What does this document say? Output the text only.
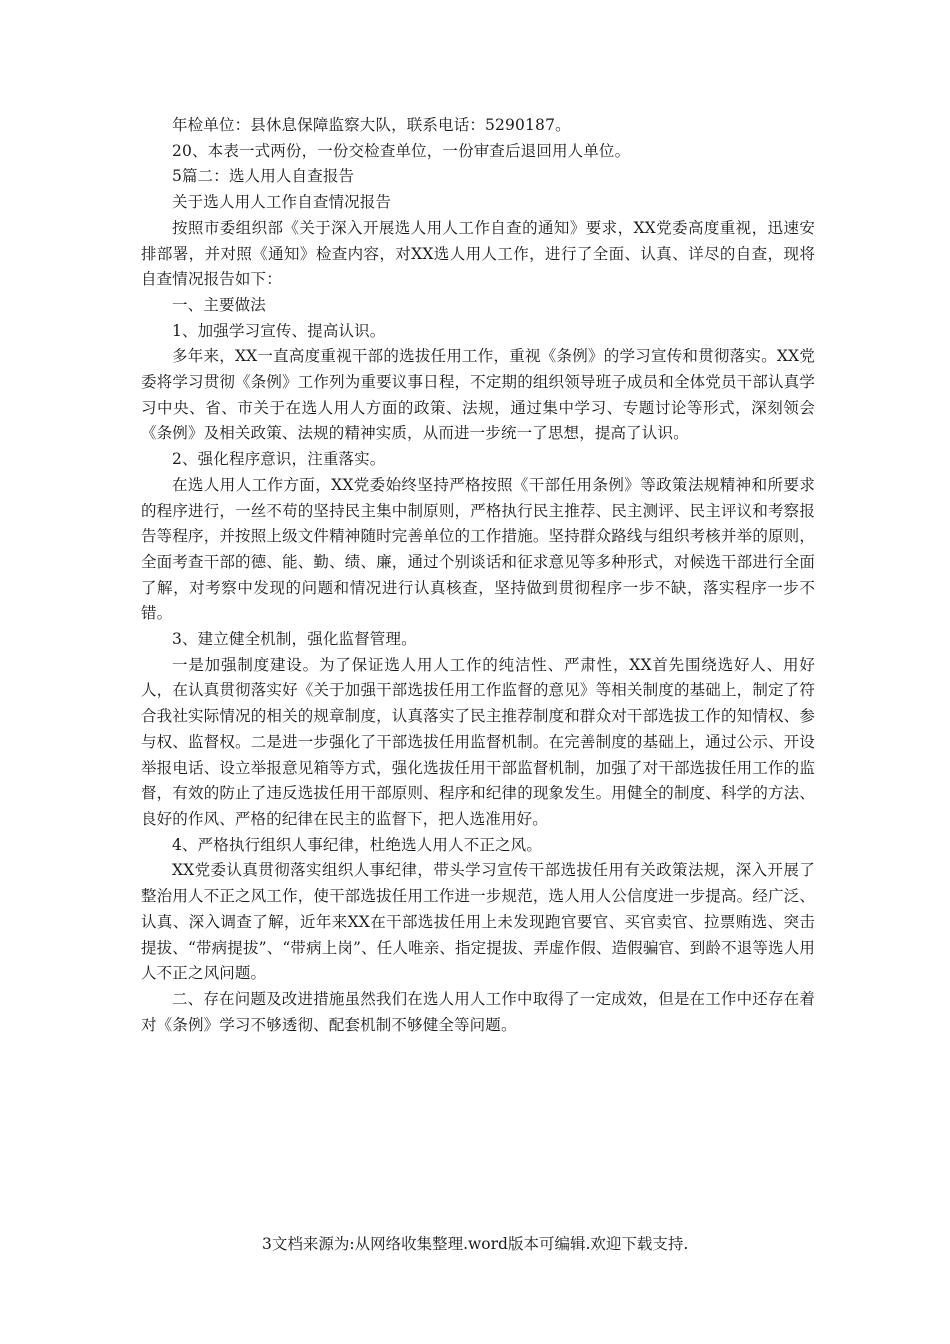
年检单位：县休息保障监察大队，联系电话：5290187。

20、本表一式两份，一份交检查单位，一份审查后退回用人单位。

5篇二：选人用人自查报告

关于选人用人工作自查情况报告

按照市委组织部《关于深入开展选人用人工作自查的通知》要求，XX党委高度重视，迅速安排部署，并对照《通知》检查内容，对XX选人用人工作，进行了全面、认真、详尽的自查，现将自查情况报告如下：

一、主要做法

1、加强学习宣传、提高认识。

多年来，XX一直高度重视干部的选拔任用工作，重视《条例》的学习宣传和贯彻落实。XX党委将学习贯彻《条例》工作列为重要议事日程，不定期的组织领导班子成员和全体党员干部认真学习中央、省、市关于在选人用人方面的政策、法规，通过集中学习、专题讨论等形式，深刻领会《条例》及相关政策、法规的精神实质，从而进一步统一了思想，提高了认识。

2、强化程序意识，注重落实。

在选人用人工作方面，XX党委始终坚持严格按照《干部任用条例》等政策法规精神和所要求的程序进行，一丝不苟的坚持民主集中制原则，严格执行民主推荐、民主测评、民主评议和考察报告等程序，并按照上级文件精神随时完善单位的工作措施。坚持群众路线与组织考核并举的原则，全面考查干部的德、能、勤、绩、廉，通过个别谈话和征求意见等多种形式，对候选干部进行全面了解，对考察中发现的问题和情况进行认真核查，坚持做到贯彻程序一步不缺，落实程序一步不错。

3、建立健全机制，强化监督管理。

一是加强制度建设。为了保证选人用人工作的纯洁性、严肃性，XX首先围绕选好人、用好人，在认真贯彻落实好《关于加强干部选拔任用工作监督的意见》等相关制度的基础上，制定了符合我社实际情况的相关的规章制度，认真落实了民主推荐制度和群众对干部选拔工作的知情权、参与权、监督权。二是进一步强化了干部选拔任用监督机制。在完善制度的基础上，通过公示、开设举报电话、设立举报意见箱等方式，强化选拔任用干部监督机制，加强了对干部选拔任用工作的监督，有效的防止了违反选拔任用干部原则、程序和纪律的现象发生。用健全的制度、科学的方法、良好的作风、严格的纪律在民主的监督下，把人选准用好。

4、严格执行组织人事纪律，杜绝选人用人不正之风。

XX党委认真贯彻落实组织人事纪律，带头学习宣传干部选拔任用有关政策法规，深入开展了整治用人不正之风工作，使干部选拔任用工作进一步规范，选人用人公信度进一步提高。经广泛、认真、深入调查了解，近年来XX在干部选拔任用上未发现跑官要官、买官卖官、拉票贿选、突击提拔、“带病提拔”、“带病上岗”、任人唯亲、指定提拔、弄虚作假、造假骗官、到龄不退等选人用人不正之风问题。

二、存在问题及改进措施虽然我们在选人用人工作中取得了一定成效，但是在工作中还存在着对《条例》学习不够透彻、配套机制不够健全等问题。

3文档来源为:从网络收集整理.word版本可编辑.欢迎下载支持.
